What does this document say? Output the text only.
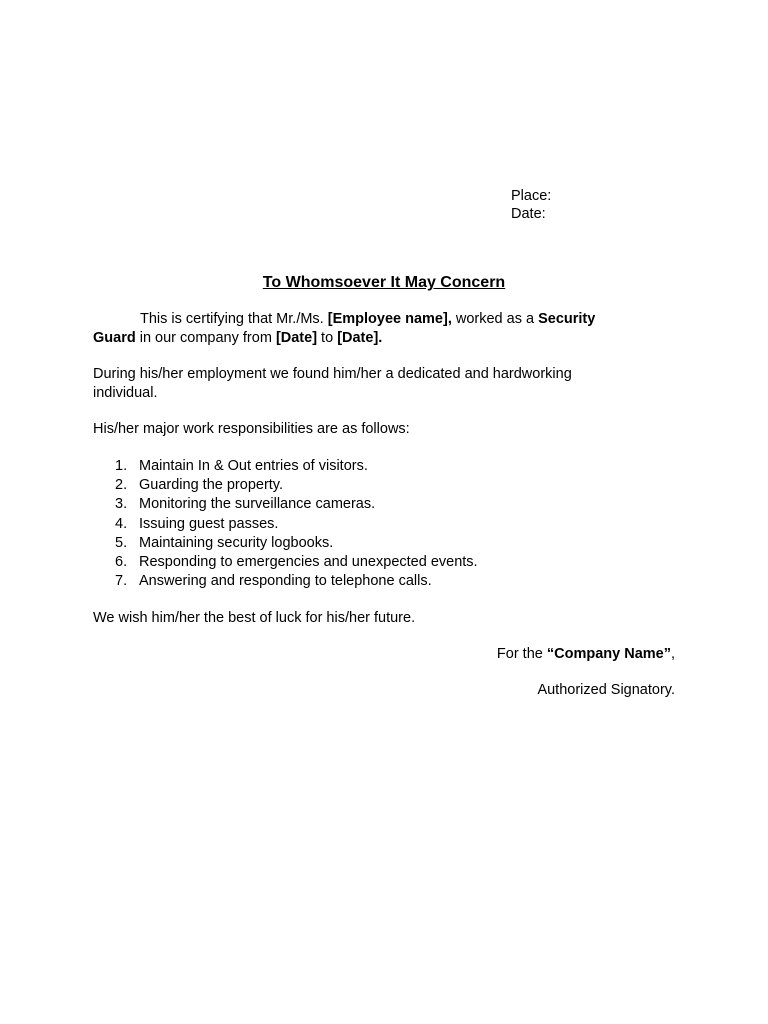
Place:
Date:
To Whomsoever It May Concern
This is certifying that Mr./Ms. [Employee name], worked as a Security Guard in our company from [Date] to [Date].
During his/her employment we found him/her a dedicated and hardworking individual.
His/her major work responsibilities are as follows:
1. Maintain In & Out entries of visitors.
2. Guarding the property.
3. Monitoring the surveillance cameras.
4. Issuing guest passes.
5. Maintaining security logbooks.
6. Responding to emergencies and unexpected events.
7. Answering and responding to telephone calls.
We wish him/her the best of luck for his/her future.
For the “Company Name”,
Authorized Signatory.
